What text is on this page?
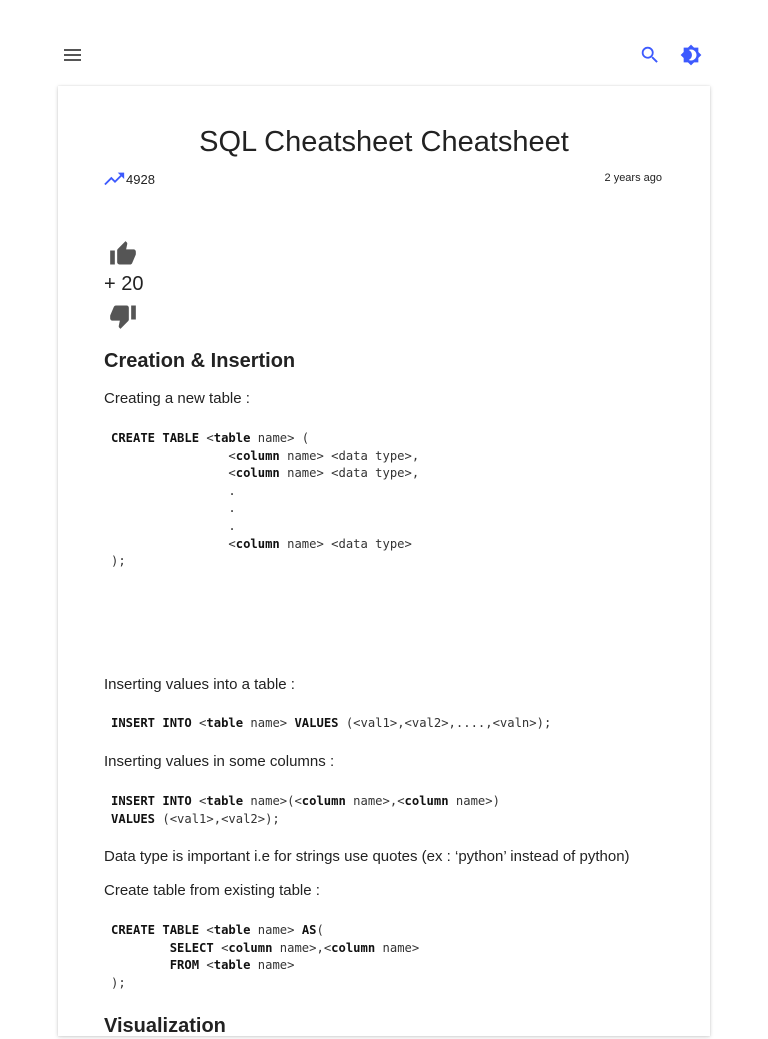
SQL Cheatsheet Cheatsheet
4928	2 years ago
+ 20
Creation & Insertion

Creating a new table :

CREATE TABLE <table name> (
<column name> <data type>,
<column name> <data type>,
.
.
.
<column name> <data type>
);

Inserting values into a table :

INSERT INTO <table name> VALUES (<val1>,<val2>,....,<valn>);

Inserting values in some columns :

INSERT INTO <table name>(<column name>,<column name>)
VALUES (<val1>,<val2>);

Data type is important i.e for strings use quotes (ex : ‘python’ instead of python)

Create table from existing table :

CREATE TABLE <table name> AS(
SELECT <column name>,<column name>
FROM <table name>
);
Visualization
